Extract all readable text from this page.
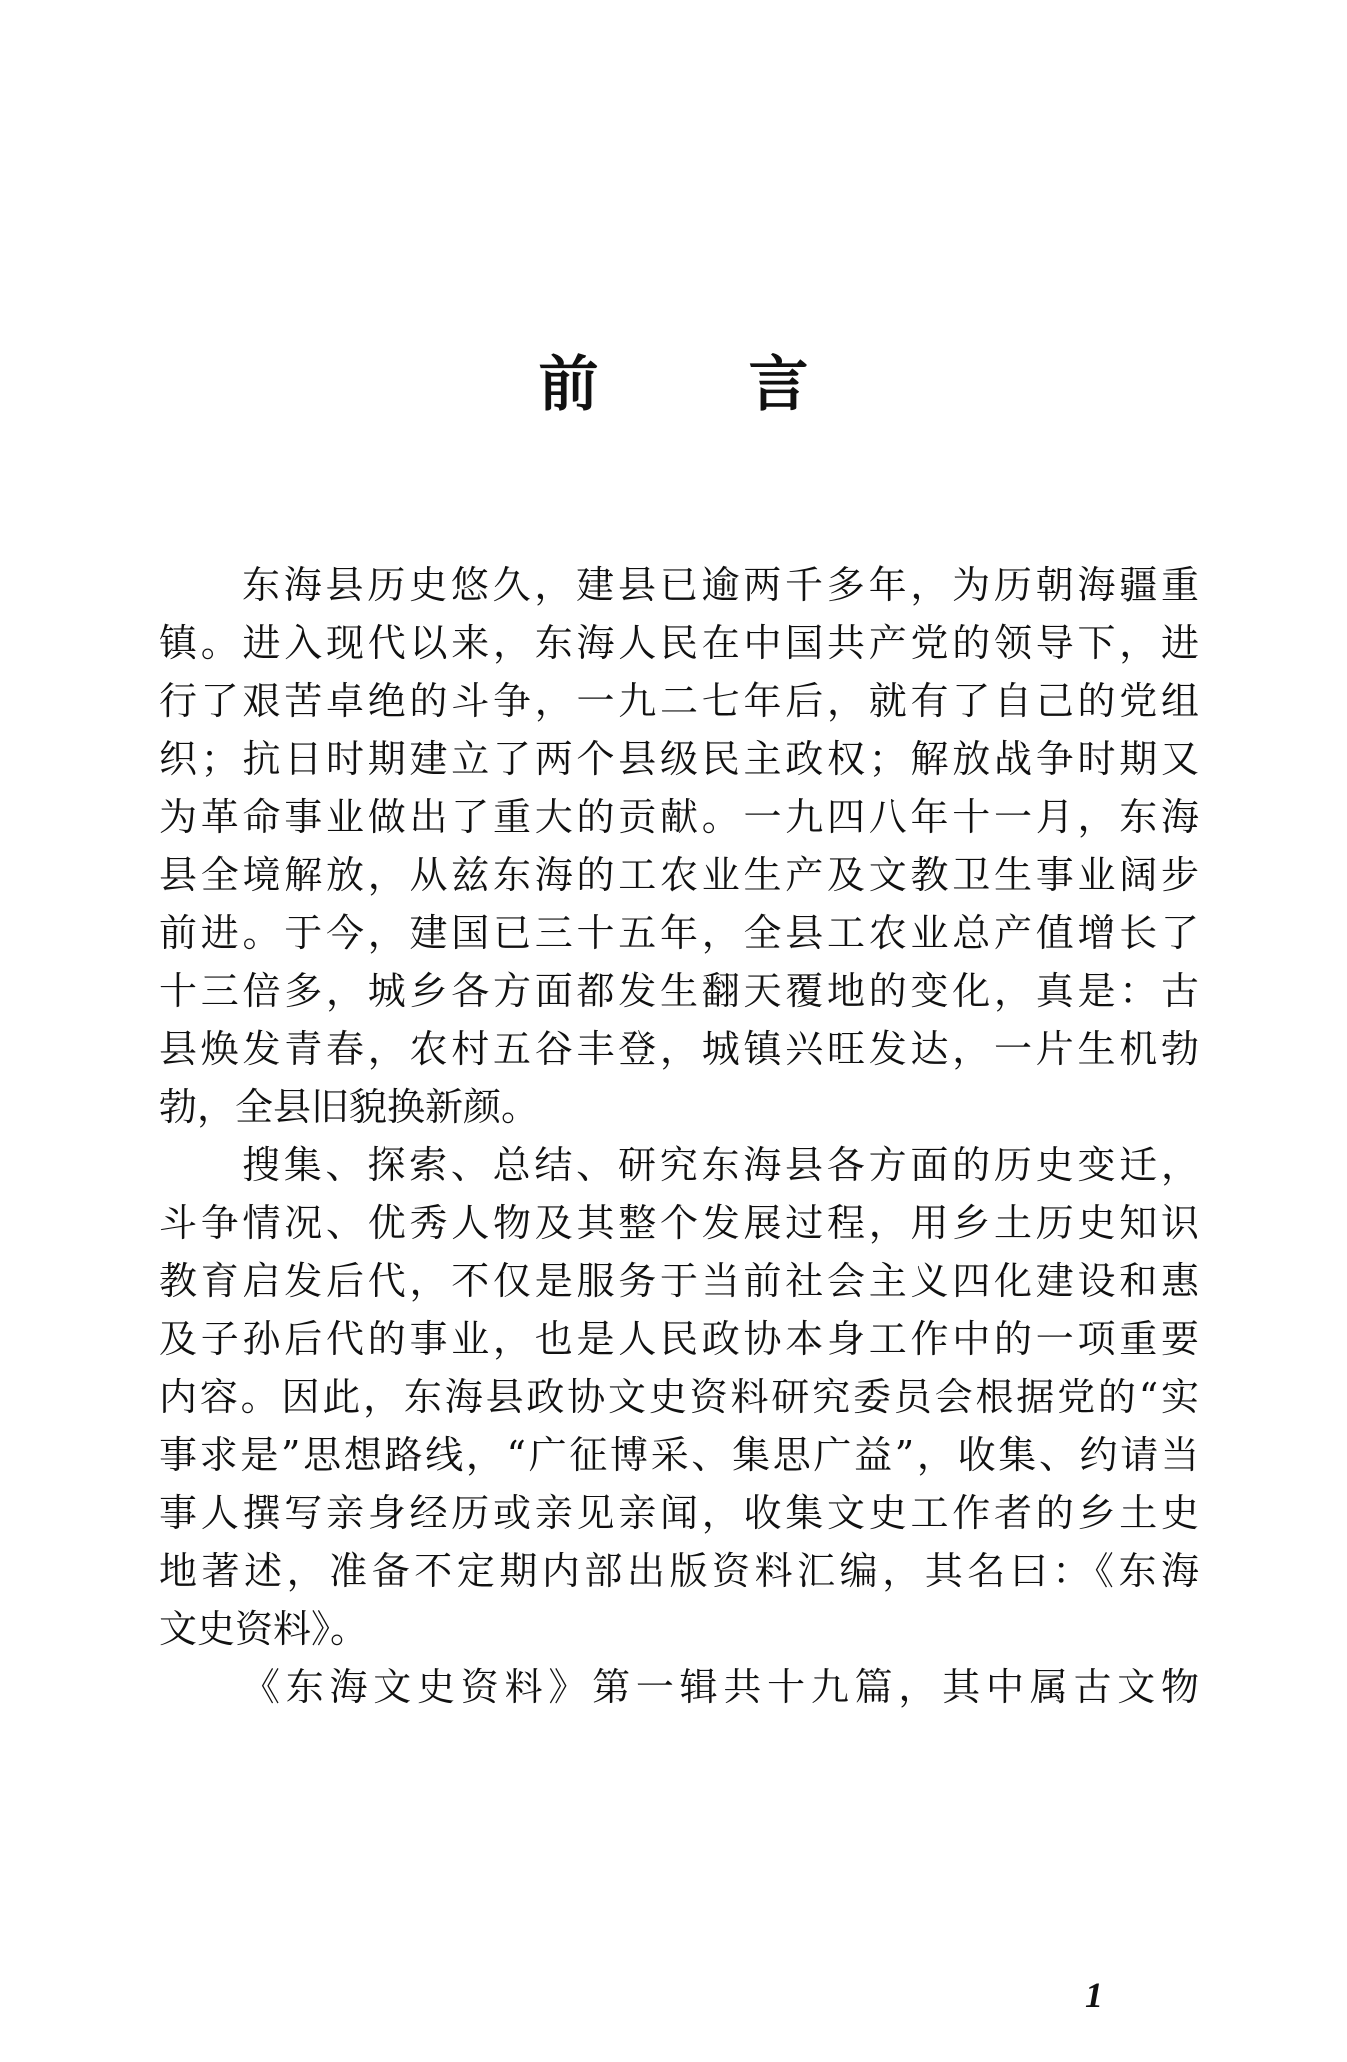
前	言
东海县历史悠久，建县已逾两千多年，为历朝海疆重
镇。进入现代以来，东海人民在中国共产党的领导下，进
行了艰苦卓绝的斗争，一九二七年后，就有了自己的党组
织；抗日时期建立了两个县级民主政权；解放战争时期又
为革命事业做出了重大的贡献。一九四八年十一月，东海
县全境解放，从兹东海的工农业生产及文教卫生事业阔步
前进。于今，建国已三十五年，全县工农业总产值增长了
十三倍多，城乡各方面都发生翻天覆地的变化，真是：古
县焕发青春，农村五谷丰登，城镇兴旺发达，一片生机勃
勃，全县旧貌换新颜。
搜集、探索、总结、研究东海县各方面的历史变迁，
斗争情况、优秀人物及其整个发展过程，用乡土历史知识
教育启发后代，不仅是服务于当前社会主义四化建设和惠
及子孙后代的事业，也是人民政协本身工作中的一项重要
内容。因此，东海县政协文史资料研究委员会根据党的“实
事求是”思想路线，“广征博采、集思广益”，收集、约请当
事人撰写亲身经历或亲见亲闻，收集文史工作者的乡土史
地著述，准备不定期内部出版资料汇编，其名曰：《东海
文史资料》。
《东海文史资料》第一辑共十九篇，其中属古文物
1
